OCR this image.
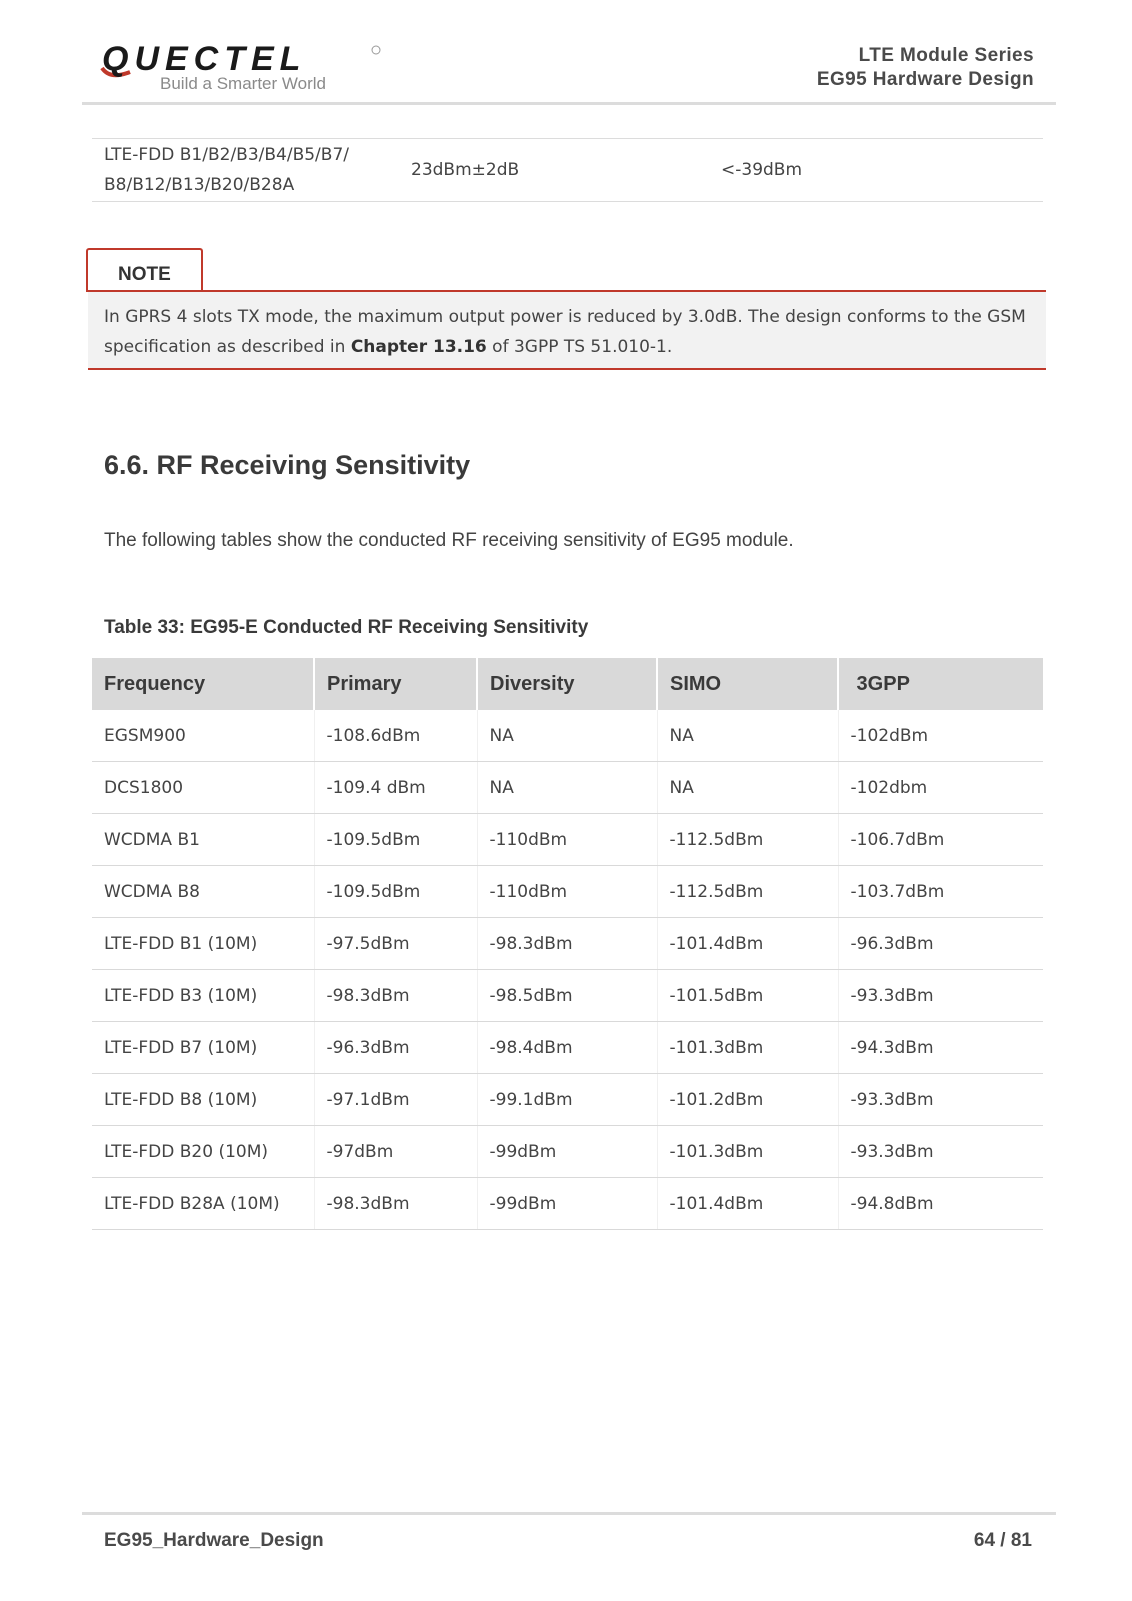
QUECTEL
Build a Smarter World
LTE Module Series
EG95 Hardware Design
LTE-FDD B1/B2/B3/B4/B5/B7/
B8/B12/B13/B20/B28A
	23dBm±2dB	<-39dBm
NOTE
In GPRS 4 slots TX mode, the maximum output power is reduced by 3.0dB. The design conforms to the GSM specification as described in Chapter 13.16 of 3GPP TS 51.010-1.
6.6. RF Receiving Sensitivity
The following tables show the conducted RF receiving sensitivity of EG95 module.
Table 33: EG95-E Conducted RF Receiving Sensitivity
Frequency	Primary	Diversity	SIMO	3GPP
EGSM900	-108.6dBm	NA	NA	-102dBm
DCS1800	-109.4 dBm	NA	NA	-102dbm
WCDMA B1	-109.5dBm	-110dBm	-112.5dBm	-106.7dBm
WCDMA B8	-109.5dBm	-110dBm	-112.5dBm	-103.7dBm
LTE-FDD B1 (10M)	-97.5dBm	-98.3dBm	-101.4dBm	-96.3dBm
LTE-FDD B3 (10M)	-98.3dBm	-98.5dBm	-101.5dBm	-93.3dBm
LTE-FDD B7 (10M)	-96.3dBm	-98.4dBm	-101.3dBm	-94.3dBm
LTE-FDD B8 (10M)	-97.1dBm	-99.1dBm	-101.2dBm	-93.3dBm
LTE-FDD B20 (10M)	-97dBm	-99dBm	-101.3dBm	-93.3dBm
LTE-FDD B28A (10M)	-98.3dBm	-99dBm	-101.4dBm	-94.8dBm
EG95_Hardware_Design	64 / 81
